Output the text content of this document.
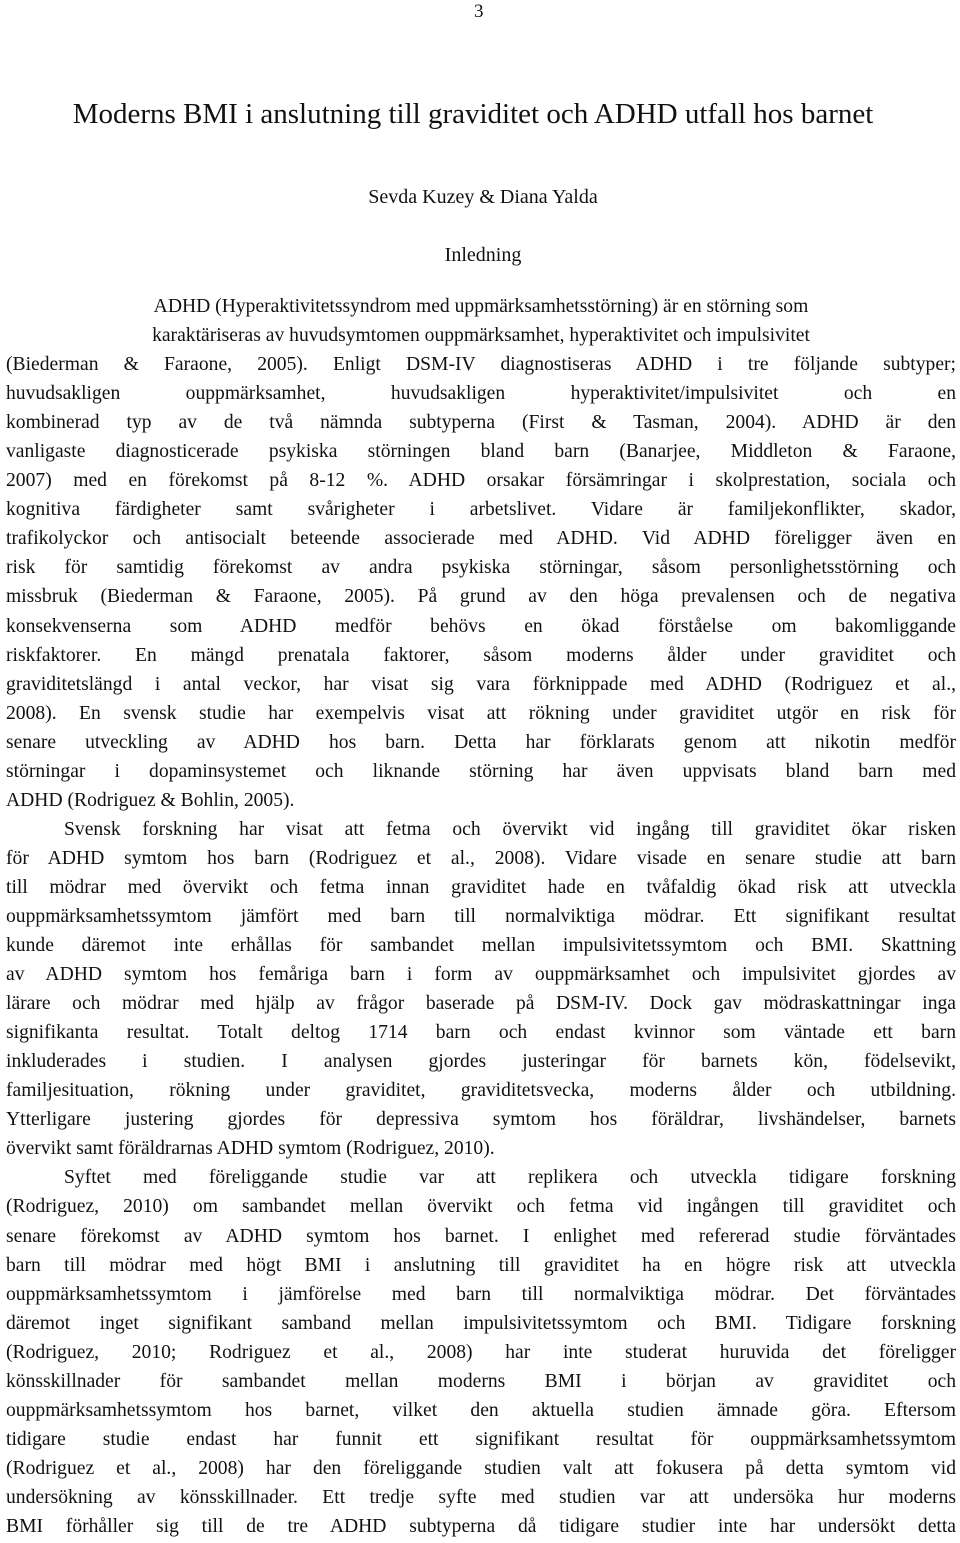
3
Moderns BMI i anslutning till graviditet och ADHD utfall hos barnet
Sevda Kuzey & Diana Yalda
Inledning
ADHD (Hyperaktivitetssyndrom med uppmärksamhetsstörning) är en störning som
karaktäriseras av huvudsymtomen ouppmärksamhet, hyperaktivitet och impulsivitet
(Biederman & Faraone, 2005). Enligt DSM-IV diagnostiseras ADHD i tre följande subtyper;
huvudsakligen ouppmärksamhet, huvudsakligen hyperaktivitet/impulsivitet och en
kombinerad typ av de två nämnda subtyperna (First & Tasman, 2004). ADHD är den
vanligaste diagnosticerade psykiska störningen bland barn (Banarjee, Middleton & Faraone,
2007) med en förekomst på 8-12 %. ADHD orsakar försämringar i skolprestation, sociala och
kognitiva färdigheter samt svårigheter i arbetslivet. Vidare är familjekonflikter, skador,
trafikolyckor och antisocialt beteende associerade med ADHD. Vid ADHD föreligger även en
risk för samtidig förekomst av andra psykiska störningar, såsom personlighetsstörning och
missbruk (Biederman & Faraone, 2005). På grund av den höga prevalensen och de negativa
konsekvenserna som ADHD medför behövs en ökad förståelse om bakomliggande
riskfaktorer. En mängd prenatala faktorer, såsom moderns ålder under graviditet och
graviditetslängd i antal veckor, har visat sig vara förknippade med ADHD (Rodriguez et al.,
2008). En svensk studie har exempelvis visat att rökning under graviditet utgör en risk för
senare utveckling av ADHD hos barn. Detta har förklarats genom att nikotin medför
störningar i dopaminsystemet och liknande störning har även uppvisats bland barn med
ADHD (Rodriguez & Bohlin, 2005).
Svensk forskning har visat att fetma och övervikt vid ingång till graviditet ökar risken
för ADHD symtom hos barn (Rodriguez et al., 2008). Vidare visade en senare studie att barn
till mödrar med övervikt och fetma innan graviditet hade en tvåfaldig ökad risk att utveckla
ouppmärksamhetssymtom jämfört med barn till normalviktiga mödrar. Ett signifikant resultat
kunde däremot inte erhållas för sambandet mellan impulsivitetssymtom och BMI. Skattning
av ADHD symtom hos femåriga barn i form av ouppmärksamhet och impulsivitet gjordes av
lärare och mödrar med hjälp av frågor baserade på DSM-IV. Dock gav mödraskattningar inga
signifikanta resultat. Totalt deltog 1714 barn och endast kvinnor som väntade ett barn
inkluderades i studien. I analysen gjordes justeringar för barnets kön, födelsevikt,
familjesituation, rökning under graviditet, graviditetsvecka, moderns ålder och utbildning.
Ytterligare justering gjordes för depressiva symtom hos föräldrar, livshändelser, barnets
övervikt samt föräldrarnas ADHD symtom (Rodriguez, 2010).
Syftet med föreliggande studie var att replikera och utveckla tidigare forskning
(Rodriguez, 2010) om sambandet mellan övervikt och fetma vid ingången till graviditet och
senare förekomst av ADHD symtom hos barnet. I enlighet med refererad studie förväntades
barn till mödrar med högt BMI i anslutning till graviditet ha en högre risk att utveckla
ouppmärksamhetssymtom i jämförelse med barn till normalviktiga mödrar. Det förväntades
däremot inget signifikant samband mellan impulsivitetssymtom och BMI. Tidigare forskning
(Rodriguez, 2010; Rodriguez et al., 2008) har inte studerat huruvida det föreligger
könsskillnader för sambandet mellan moderns BMI i början av graviditet och
ouppmärksamhetssymtom hos barnet, vilket den aktuella studien ämnade göra. Eftersom
tidigare studie endast har funnit ett signifikant resultat för ouppmärksamhetssymtom
(Rodriguez et al., 2008) har den föreliggande studien valt att fokusera på detta symtom vid
undersökning av könsskillnader. Ett tredje syfte med studien var att undersöka hur moderns
BMI förhåller sig till de tre ADHD subtyperna då tidigare studier inte har undersökt detta
